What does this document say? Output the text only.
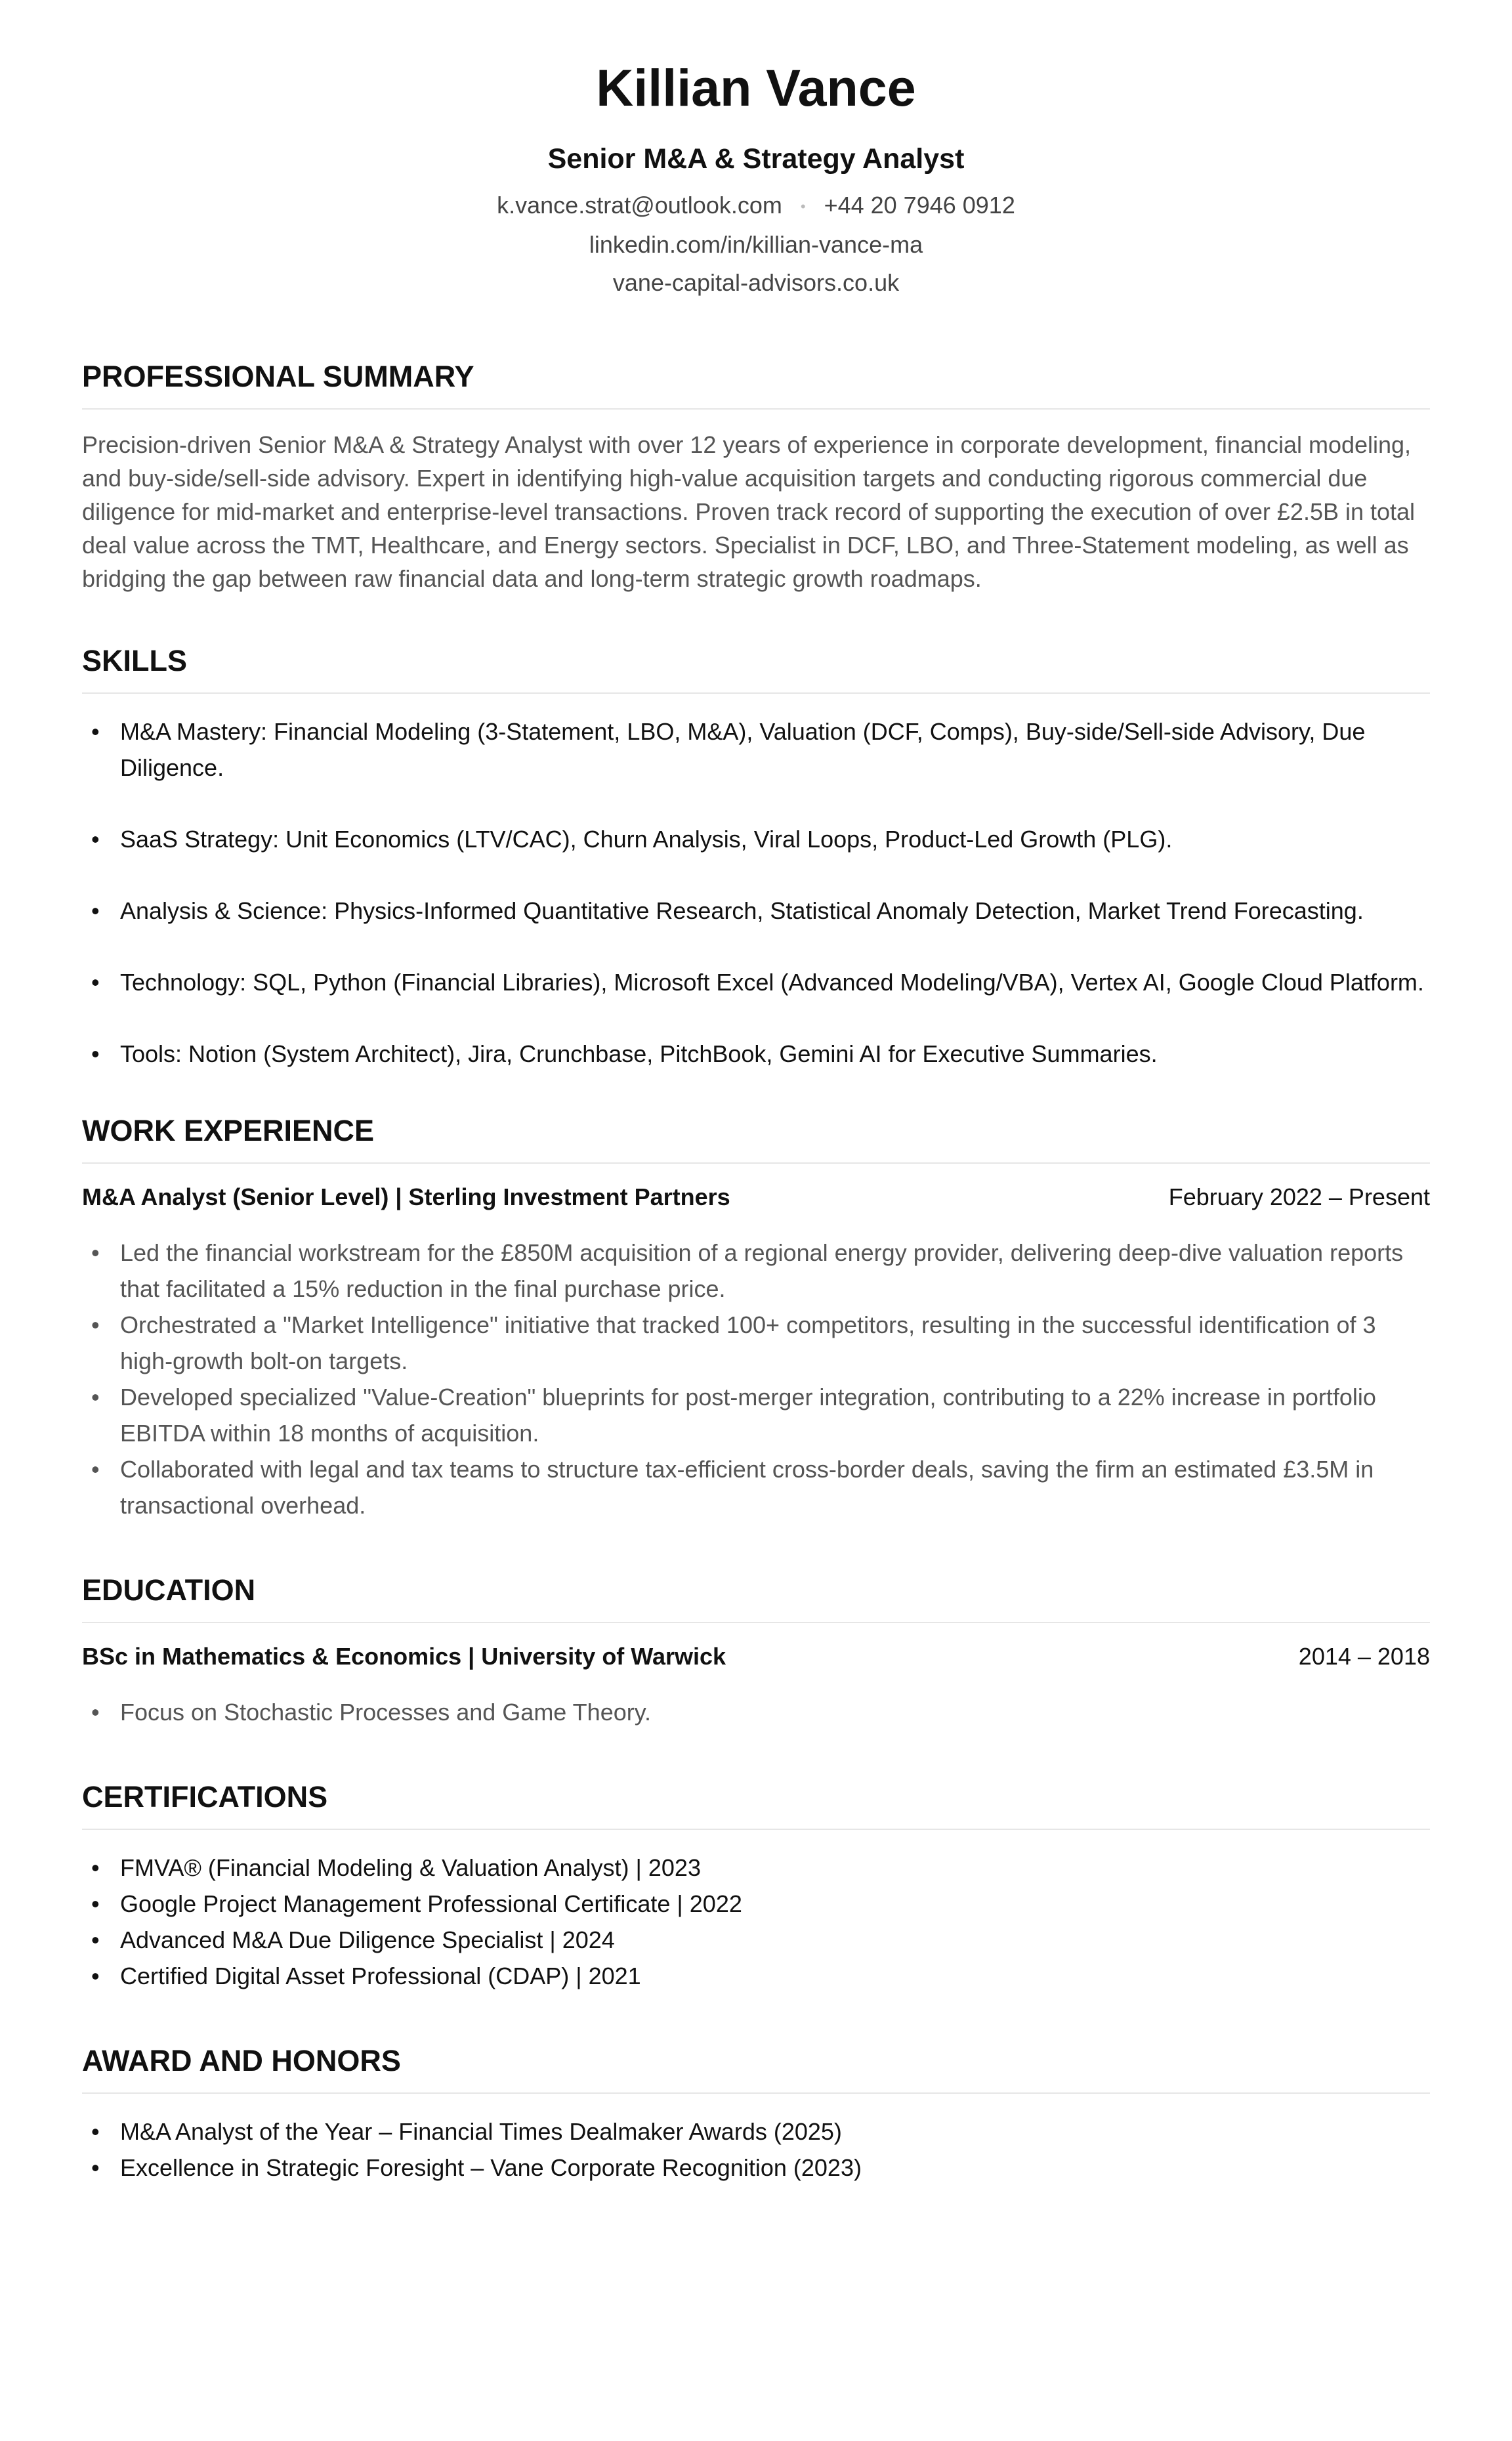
Killian Vance
Senior M&A & Strategy Analyst
k.vance.strat@outlook.com • +44 20 7946 0912
linkedin.com/in/killian-vance-ma
vane-capital-advisors.co.uk
PROFESSIONAL SUMMARY
Precision-driven Senior M&A & Strategy Analyst with over 12 years of experience in corporate development, financial modeling, and buy-side/sell-side advisory. Expert in identifying high-value acquisition targets and conducting rigorous commercial due diligence for mid-market and enterprise-level transactions. Proven track record of supporting the execution of over £2.5B in total deal value across the TMT, Healthcare, and Energy sectors. Specialist in DCF, LBO, and Three-Statement modeling, as well as bridging the gap between raw financial data and long-term strategic growth roadmaps.
SKILLS
• M&A Mastery: Financial Modeling (3-Statement, LBO, M&A), Valuation (DCF, Comps), Buy-side/Sell-side Advisory, Due Diligence.
• SaaS Strategy: Unit Economics (LTV/CAC), Churn Analysis, Viral Loops, Product-Led Growth (PLG).
• Analysis & Science: Physics-Informed Quantitative Research, Statistical Anomaly Detection, Market Trend Forecasting.
• Technology: SQL, Python (Financial Libraries), Microsoft Excel (Advanced Modeling/VBA), Vertex AI, Google Cloud Platform.
• Tools: Notion (System Architect), Jira, Crunchbase, PitchBook, Gemini AI for Executive Summaries.
WORK EXPERIENCE
M&A Analyst (Senior Level) | Sterling Investment Partners	February 2022 – Present
• Led the financial workstream for the £850M acquisition of a regional energy provider, delivering deep-dive valuation reports that facilitated a 15% reduction in the final purchase price.
• Orchestrated a "Market Intelligence" initiative that tracked 100+ competitors, resulting in the successful identification of 3 high-growth bolt-on targets.
• Developed specialized "Value-Creation" blueprints for post-merger integration, contributing to a 22% increase in portfolio EBITDA within 18 months of acquisition.
• Collaborated with legal and tax teams to structure tax-efficient cross-border deals, saving the firm an estimated £3.5M in transactional overhead.
EDUCATION
BSc in Mathematics & Economics | University of Warwick	2014 – 2018
• Focus on Stochastic Processes and Game Theory.
CERTIFICATIONS
• FMVA® (Financial Modeling & Valuation Analyst) | 2023
• Google Project Management Professional Certificate | 2022
• Advanced M&A Due Diligence Specialist | 2024
• Certified Digital Asset Professional (CDAP) | 2021
AWARD AND HONORS
• M&A Analyst of the Year – Financial Times Dealmaker Awards (2025)
• Excellence in Strategic Foresight – Vane Corporate Recognition (2023)
